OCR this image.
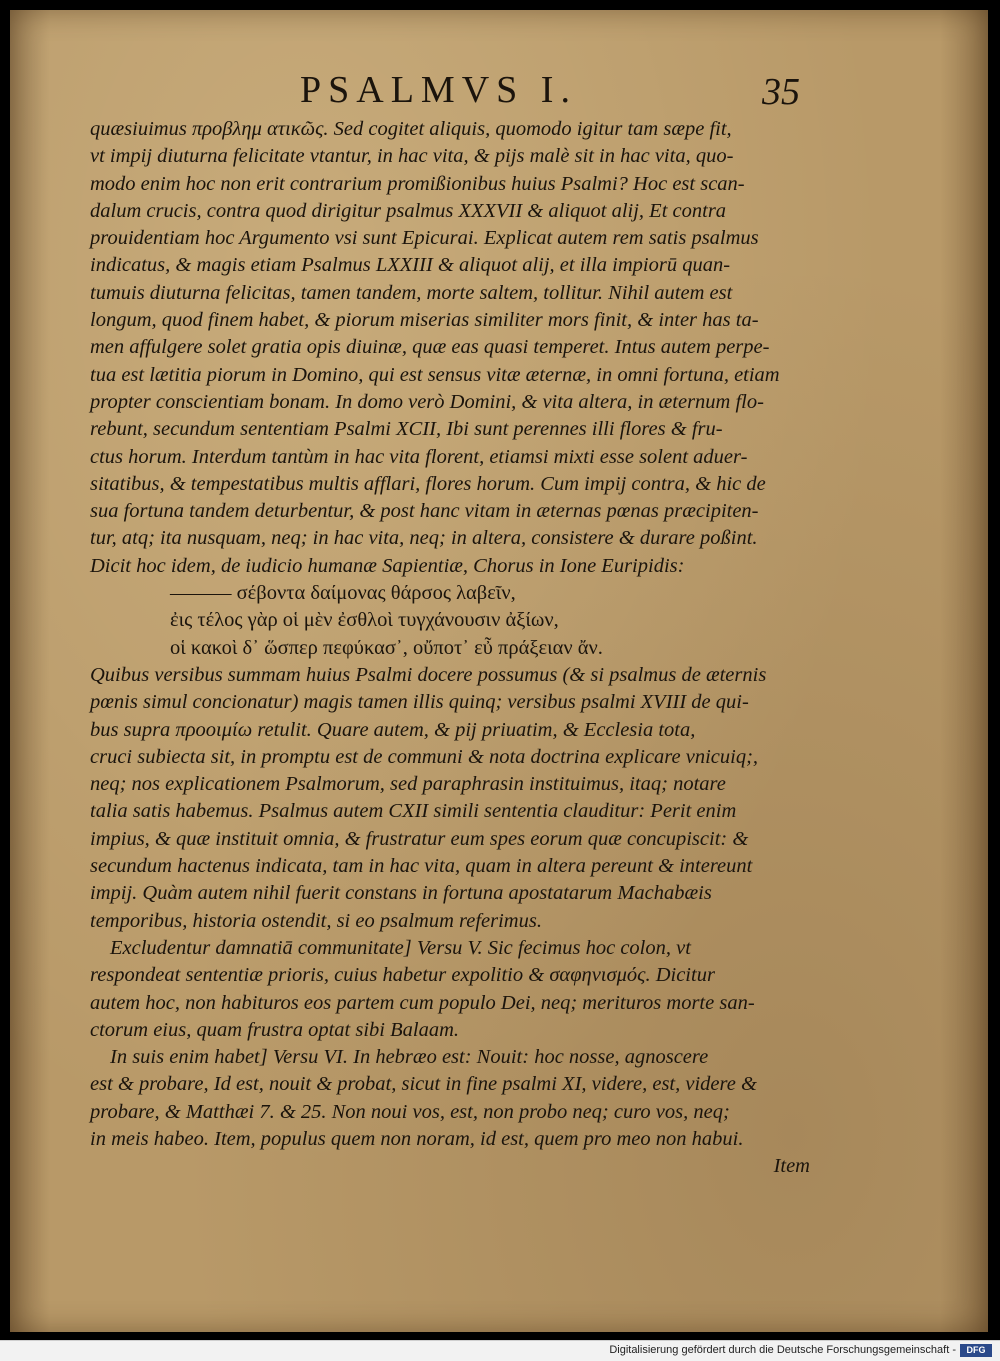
PSALMVS I.	35
quæsiuimus προβλημ ατικῶς. Sed cogitet aliquis, quomodo igitur tam sæpe fit,
vt impij diuturna felicitate vtantur, in hac vita, & pijs malè sit in hac vita, quo-
modo enim hoc non erit contrarium promißionibus huius Psalmi? Hoc est scan-
dalum crucis, contra quod dirigitur psalmus XXXVII & aliquot alij, Et contra
prouidentiam hoc Argumento vsi sunt Epicurai. Explicat autem rem satis psalmus
indicatus, & magis etiam Psalmus LXXIII & aliquot alij, et illa impiorū quan-
tumuis diuturna felicitas, tamen tandem, morte saltem, tollitur. Nihil autem est
longum, quod finem habet, & piorum miserias similiter mors finit, & inter has ta-
men affulgere solet gratia opis diuinæ, quæ eas quasi temperet. Intus autem perpe-
tua est lætitia piorum in Domino, qui est sensus vitæ æternæ, in omni fortuna, etiam
propter conscientiam bonam. In domo verò Domini, & vita altera, in æternum flo-
rebunt, secundum sententiam Psalmi XCII, Ibi sunt perennes illi flores & fru-
ctus horum. Interdum tantùm in hac vita florent, etiamsi mixti esse solent aduer-
sitatibus, & tempestatibus multis afflari, flores horum. Cum impij contra, & hic de
sua fortuna tandem deturbentur, & post hanc vitam in æternas pœnas præcipiten-
tur, atq; ita nusquam, neq; in hac vita, neq; in altera, consistere & durare poßint.
Dicit hoc idem, de iudicio humanæ Sapientiæ, Chorus in Ione Euripidis:
——— σέβοντα δαίμονας θάρσος λαβεῖν,
ἐις τέλος γὰρ οἱ μὲν ἐσθλοὶ τυγχάνουσιν ἀξίων,
οἱ κακοὶ δ᾽ ὥσπερ πεφύκασ᾽, οὔποτ᾽ εὖ πράξειαν ἄν.
Quibus versibus summam huius Psalmi docere possumus (& si psalmus de æternis
pœnis simul concionatur) magis tamen illis quinq; versibus psalmi XVIII de qui-
bus supra προοιμίω retulit. Quare autem, & pij priuatim, & Ecclesia tota,
cruci subiecta sit, in promptu est de communi & nota doctrina explicare vnicuiq;,
neq; nos explicationem Psalmorum, sed paraphrasin instituimus, itaq; notare
talia satis habemus. Psalmus autem CXII simili sententia clauditur: Perit enim
impius, & quæ instituit omnia, & frustratur eum spes eorum quæ concupiscit: &
secundum hactenus indicata, tam in hac vita, quam in altera pereunt & intereunt
impij. Quàm autem nihil fuerit constans in fortuna apostatarum Machabæis
temporibus, historia ostendit, si eo psalmum referimus.
Excludentur damnatiā communitate] Versu V. Sic fecimus hoc colon, vt
respondeat sententiæ prioris, cuius habetur expolitio & σαφηνισμός. Dicitur
autem hoc, non habituros eos partem cum populo Dei, neq; merituros morte san-
ctorum eius, quam frustra optat sibi Balaam.
In suis enim habet] Versu VI. In hebræo est: Nouit: hoc nosse, agnoscere
est & probare, Id est, nouit & probat, sicut in fine psalmi XI, videre, est, videre &
probare, & Matthæi 7. & 25. Non noui vos, est, non probo neq; curo vos, neq;
in meis habeo. Item, populus quem non noram, id est, quem pro meo non habui.
Item
Digitalisierung gefördert durch die Deutsche Forschungsgemeinschaft -	DFG
